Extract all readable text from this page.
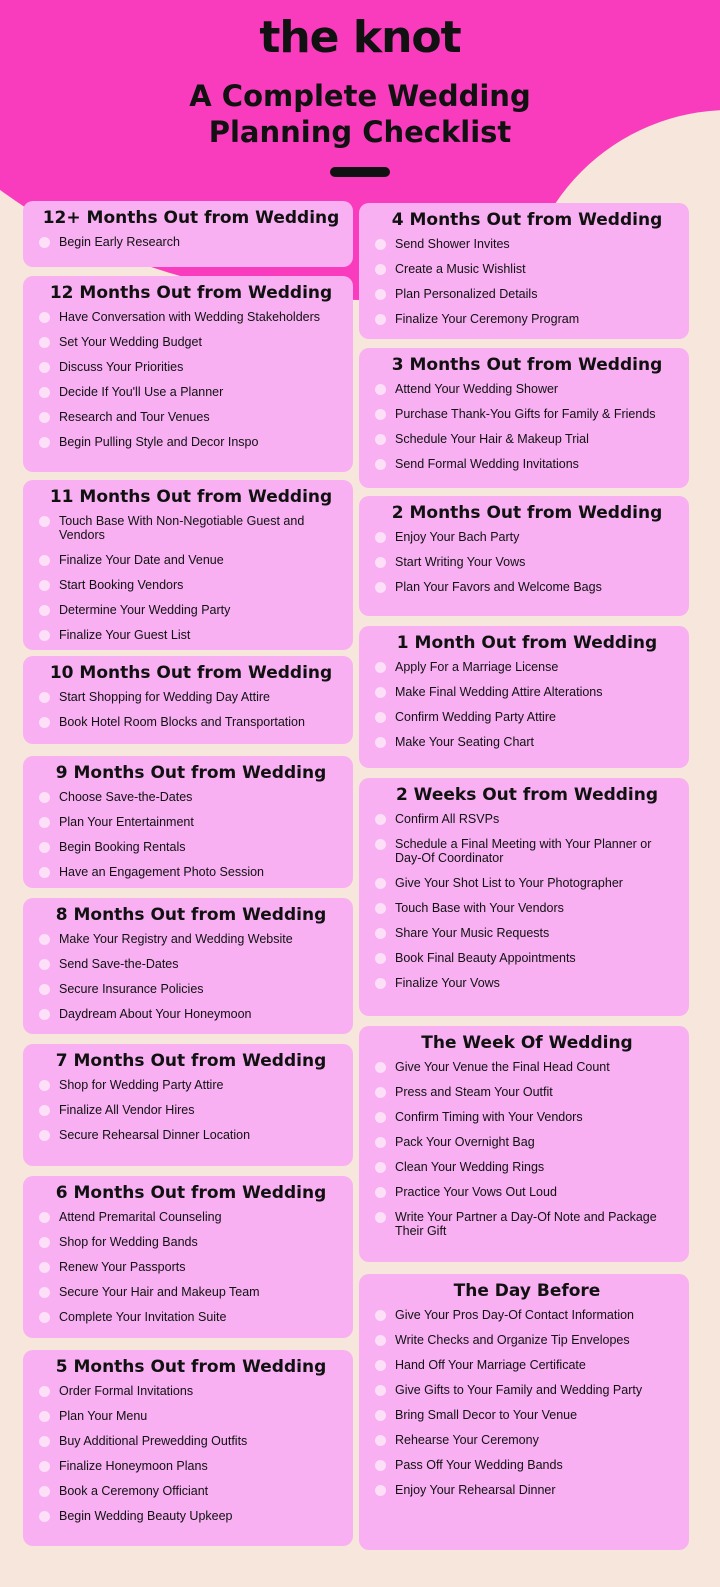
the knot
A Complete Wedding
Planning Checklist
12+ Months Out from Wedding
Begin Early Research
12 Months Out from Wedding
Have Conversation with Wedding Stakeholders
Set Your Wedding Budget
Discuss Your Priorities
Decide If You'll Use a Planner
Research and Tour Venues
Begin Pulling Style and Decor Inspo
11 Months Out from Wedding
Touch Base With Non-Negotiable Guest and Vendors
Finalize Your Date and Venue
Start Booking Vendors
Determine Your Wedding Party
Finalize Your Guest List
10 Months Out from Wedding
Start Shopping for Wedding Day Attire
Book Hotel Room Blocks and Transportation
9 Months Out from Wedding
Choose Save-the-Dates
Plan Your Entertainment
Begin Booking Rentals
Have an Engagement Photo Session
8 Months Out from Wedding
Make Your Registry and Wedding Website
Send Save-the-Dates
Secure Insurance Policies
Daydream About Your Honeymoon
7 Months Out from Wedding
Shop for Wedding Party Attire
Finalize All Vendor Hires
Secure Rehearsal Dinner Location
6 Months Out from Wedding
Attend Premarital Counseling
Shop for Wedding Bands
Renew Your Passports
Secure Your Hair and Makeup Team
Complete Your Invitation Suite
5 Months Out from Wedding
Order Formal Invitations
Plan Your Menu
Buy Additional Prewedding Outfits
Finalize Honeymoon Plans
Book a Ceremony Officiant
Begin Wedding Beauty Upkeep
4 Months Out from Wedding
Send Shower Invites
Create a Music Wishlist
Plan Personalized Details
Finalize Your Ceremony Program
3 Months Out from Wedding
Attend Your Wedding Shower
Purchase Thank-You Gifts for Family & Friends
Schedule Your Hair & Makeup Trial
Send Formal Wedding Invitations
2 Months Out from Wedding
Enjoy Your Bach Party
Start Writing Your Vows
Plan Your Favors and Welcome Bags
1 Month Out from Wedding
Apply For a Marriage License
Make Final Wedding Attire Alterations
Confirm Wedding Party Attire
Make Your Seating Chart
2 Weeks Out from Wedding
Confirm All RSVPs
Schedule a Final Meeting with Your Planner or Day-Of Coordinator
Give Your Shot List to Your Photographer
Touch Base with Your Vendors
Share Your Music Requests
Book Final Beauty Appointments
Finalize Your Vows
The Week Of Wedding
Give Your Venue the Final Head Count
Press and Steam Your Outfit
Confirm Timing with Your Vendors
Pack Your Overnight Bag
Clean Your Wedding Rings
Practice Your Vows Out Loud
Write Your Partner a Day-Of Note and Package Their Gift
The Day Before
Give Your Pros Day-Of Contact Information
Write Checks and Organize Tip Envelopes
Hand Off Your Marriage Certificate
Give Gifts to Your Family and Wedding Party
Bring Small Decor to Your Venue
Rehearse Your Ceremony
Pass Off Your Wedding Bands
Enjoy Your Rehearsal Dinner
